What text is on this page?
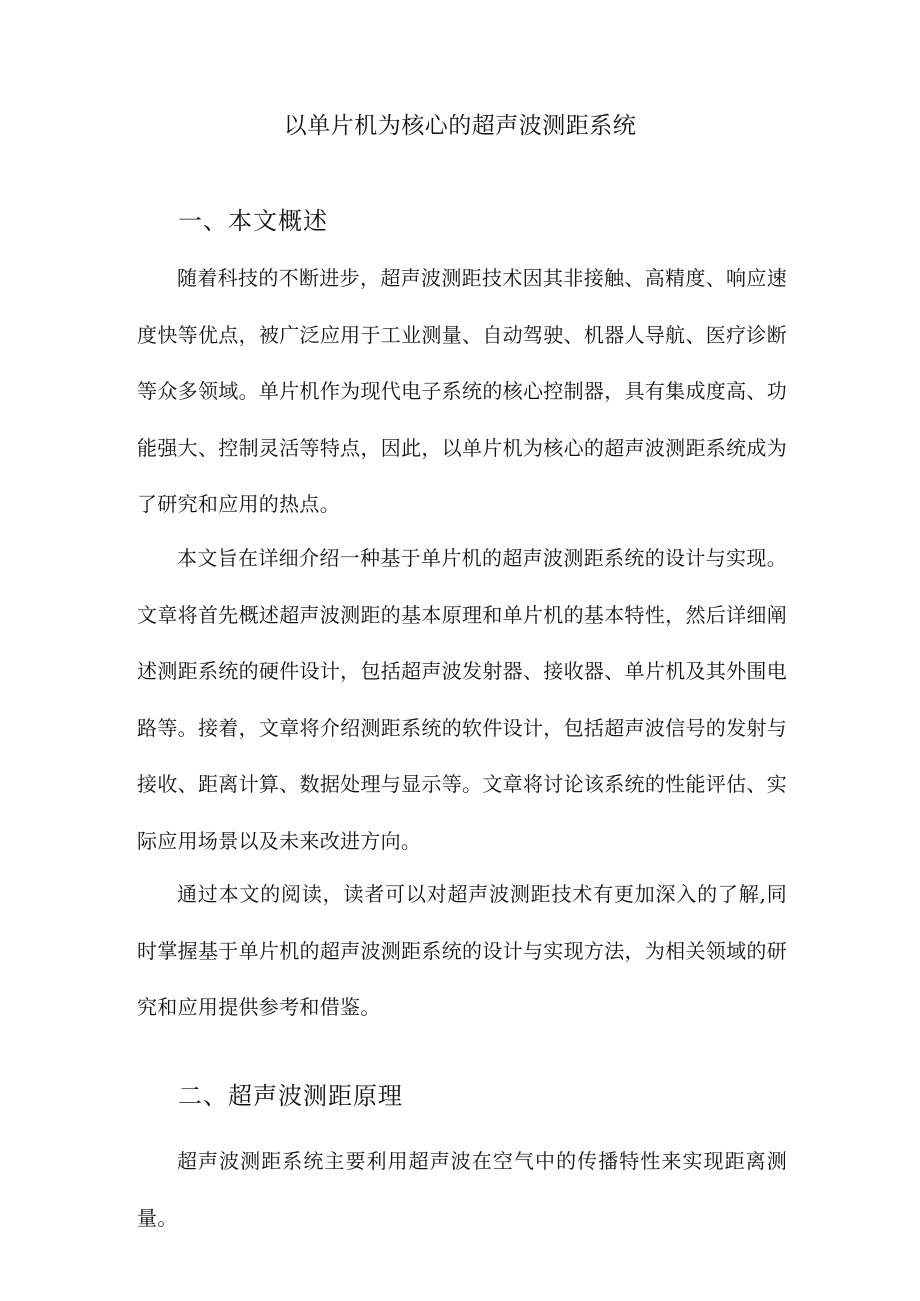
以单片机为核心的超声波测距系统
一、本文概述

随着科技的不断进步，超声波测距技术因其非接触、高精度、响应速度快等优点，被广泛应用于工业测量、自动驾驶、机器人导航、医疗诊断等众多领域。单片机作为现代电子系统的核心控制器，具有集成度高、功能强大、控制灵活等特点，因此，以单片机为核心的超声波测距系统成为了研究和应用的热点。

本文旨在详细介绍一种基于单片机的超声波测距系统的设计与实现。文章将首先概述超声波测距的基本原理和单片机的基本特性，然后详细阐述测距系统的硬件设计，包括超声波发射器、接收器、单片机及其外围电路等。接着，文章将介绍测距系统的软件设计，包括超声波信号的发射与接收、距离计算、数据处理与显示等。文章将讨论该系统的性能评估、实际应用场景以及未来改进方向。

通过本文的阅读，读者可以对超声波测距技术有更加深入的了解,同时掌握基于单片机的超声波测距系统的设计与实现方法，为相关领域的研究和应用提供参考和借鉴。

二、超声波测距原理

超声波测距系统主要利用超声波在空气中的传播特性来实现距离测量。
